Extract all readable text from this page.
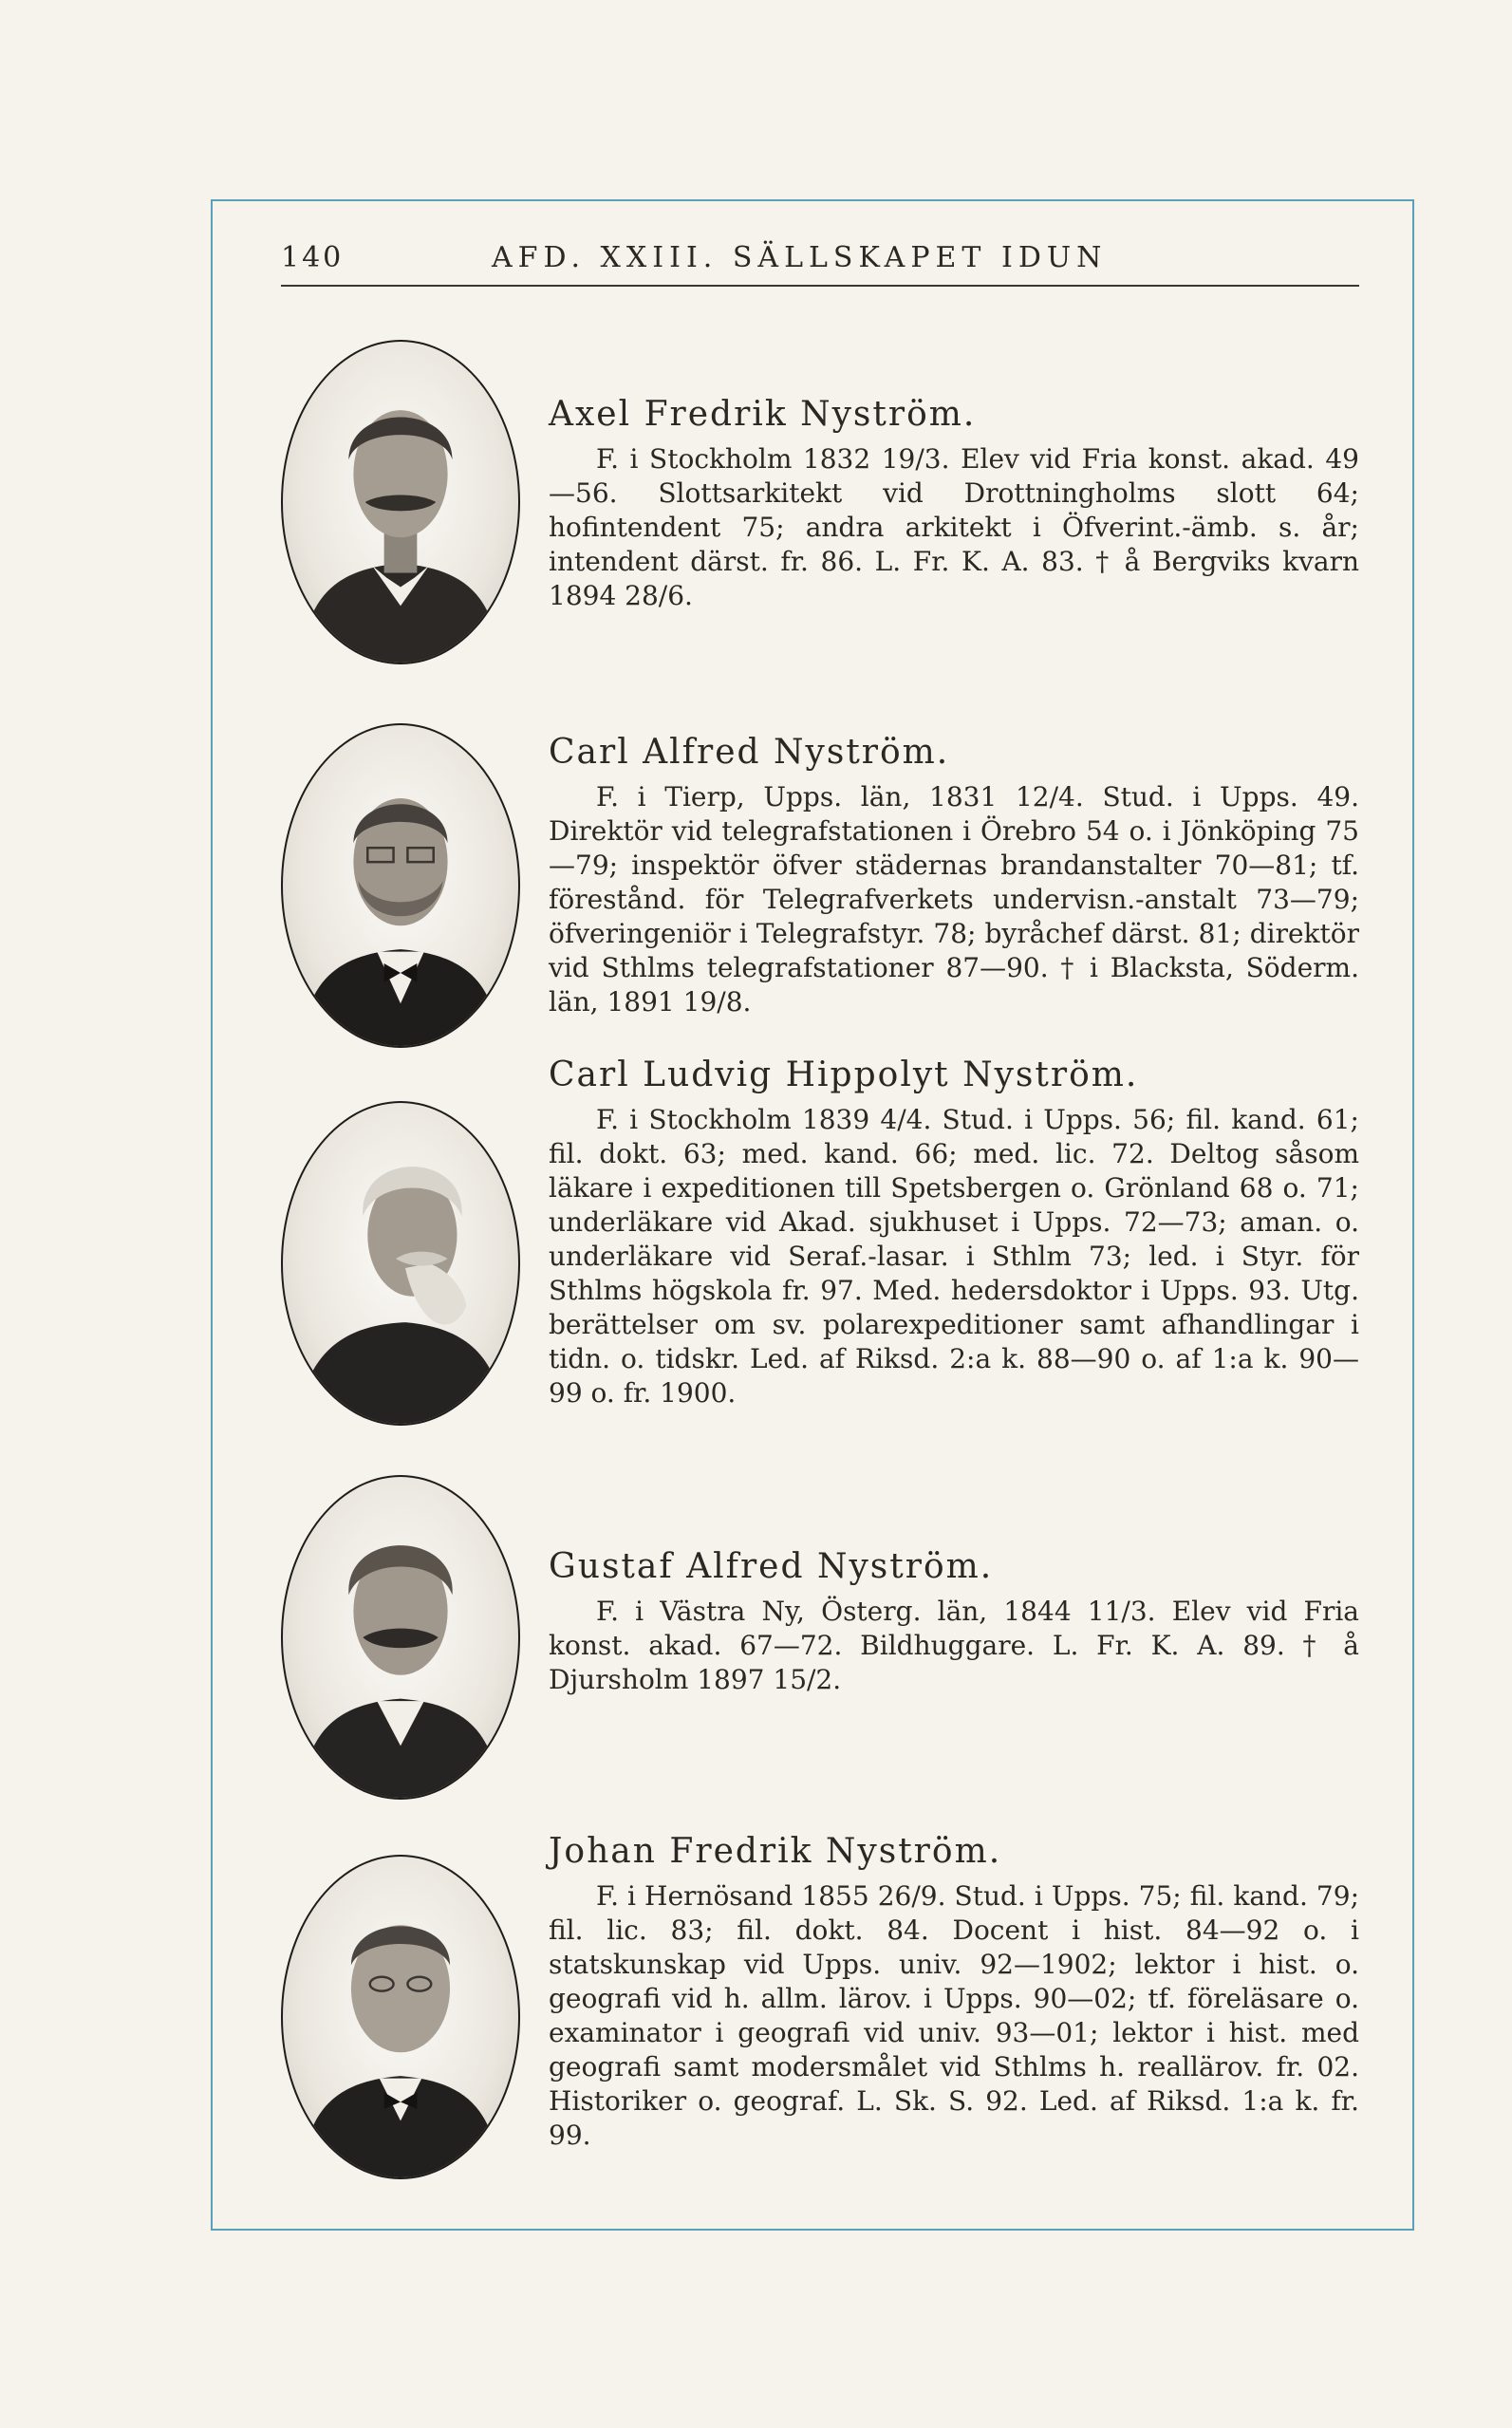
140	AFD. XXIII. SÄLLSKAPET IDUN
Axel Fredrik Nyström.

F. i Stockholm 1832 19/3. Elev vid Fria konst. akad. 49—56. Slottsarkitekt vid Drottningholms slott 64; hofintendent 75; andra arkitekt i Öfverint.-ämb. s. år; intendent därst. fr. 86. L. Fr. K. A. 83. † å Bergviks kvarn 1894 28/6.

Carl Alfred Nyström.

F. i Tierp, Upps. län, 1831 12/4. Stud. i Upps. 49. Direktör vid telegrafstationen i Örebro 54 o. i Jönköping 75—79; inspektör öfver städernas brandanstalter 70—81; tf. förestånd. för Telegrafverkets undervisn.-anstalt 73—79; öfveringeniör i Telegrafstyr. 78; byråchef därst. 81; direktör vid Sthlms telegrafstationer 87—90. † i Blacksta, Söderm. län, 1891 19/8.

Carl Ludvig Hippolyt Nyström.

F. i Stockholm 1839 4/4. Stud. i Upps. 56; fil. kand. 61; fil. dokt. 63; med. kand. 66; med. lic. 72. Deltog såsom läkare i expeditionen till Spetsbergen o. Grönland 68 o. 71; underläkare vid Akad. sjukhuset i Upps. 72—73; aman. o. underläkare vid Seraf.-lasar. i Sthlm 73; led. i Styr. för Sthlms högskola fr. 97. Med. hedersdoktor i Upps. 93. Utg. berättelser om sv. polarexpeditioner samt afhandlingar i tidn. o. tidskr. Led. af Riksd. 2:a k. 88—90 o. af 1:a k. 90—99 o. fr. 1900.

Gustaf Alfred Nyström.

F. i Västra Ny, Österg. län, 1844 11/3. Elev vid Fria konst. akad. 67—72. Bildhuggare. L. Fr. K. A. 89. † å Djursholm 1897 15/2.

Johan Fredrik Nyström.

F. i Hernösand 1855 26/9. Stud. i Upps. 75; fil. kand. 79; fil. lic. 83; fil. dokt. 84. Docent i hist. 84—92 o. i statskunskap vid Upps. univ. 92—1902; lektor i hist. o. geografi vid h. allm. lärov. i Upps. 90—02; tf. föreläsare o. examinator i geografi vid univ. 93—01; lektor i hist. med geografi samt modersmålet vid Sthlms h. reallärov. fr. 02. Historiker o. geograf. L. Sk. S. 92. Led. af Riksd. 1:a k. fr. 99.
